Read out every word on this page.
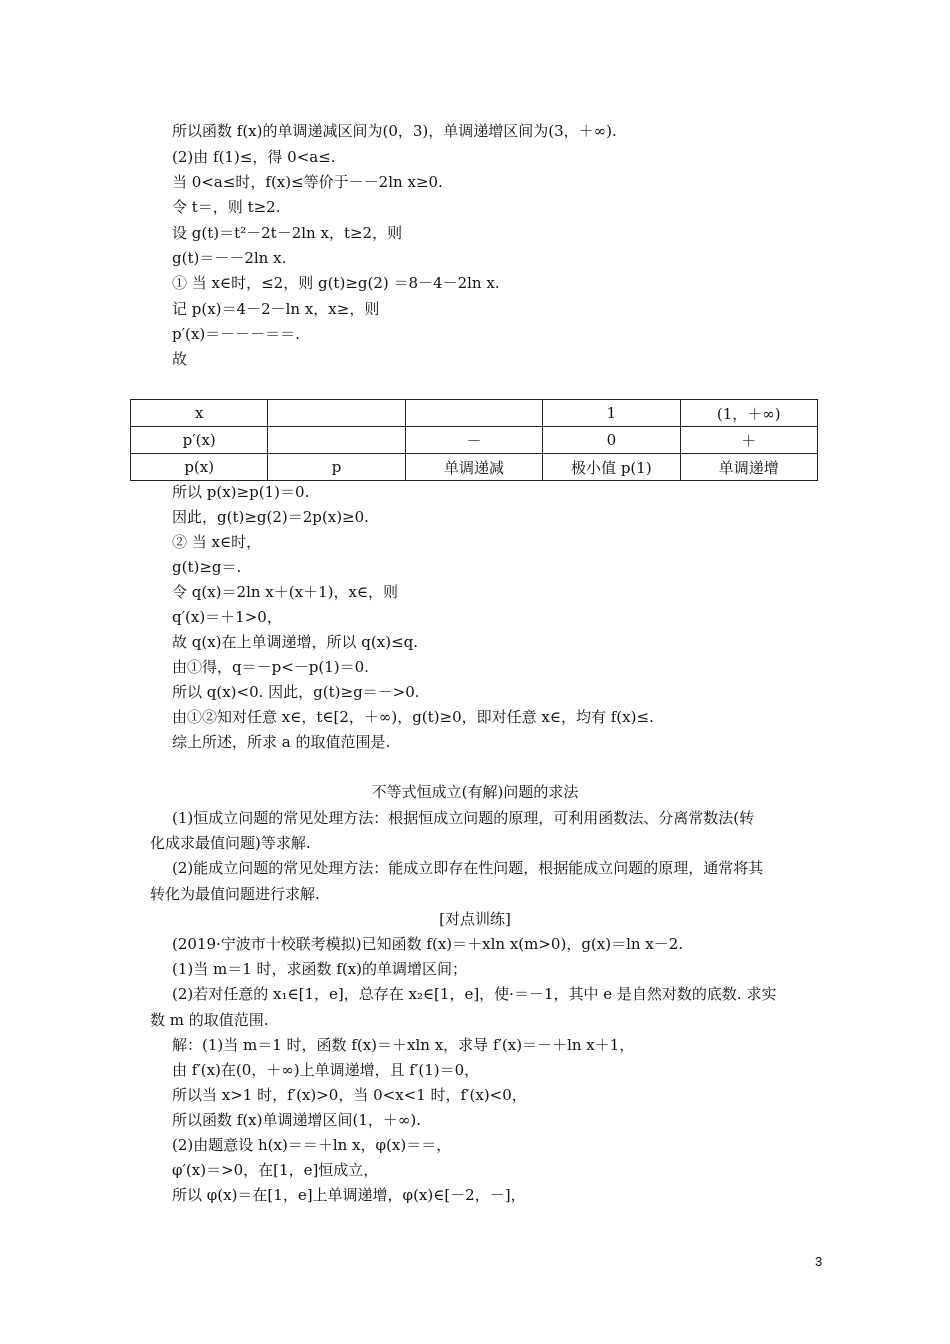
所以函数 f(x)的单调递减区间为(0，3)，单调递增区间为(3，＋∞).
(2)由 f(1)≤，得 0<a≤.
当 0<a≤时，f(x)≤等价于－－2ln x≥0.
令 t＝，则 t≥2.
设 g(t)＝t²－2t－2ln x，t≥2，则
g(t)＝－－2ln x.
① 当 x∈时，≤2，则 g(t)≥g(2) ＝8－4－2ln x.
记 p(x)＝4－2－ln x，x≥，则
p′(x)＝－－－＝＝.
故
x			1	(1，＋∞)
p′(x)		－	0	＋
p(x)	p	单调递减	极小值 p(1)	单调递增
所以 p(x)≥p(1)＝0.
因此，g(t)≥g(2)＝2p(x)≥0.
② 当 x∈时，
g(t)≥g＝.
令 q(x)＝2ln x＋(x＋1)，x∈，则
q′(x)＝＋1>0，
故 q(x)在上单调递增，所以 q(x)≤q.
由①得，q＝－p<－p(1)＝0.
所以 q(x)<0. 因此，g(t)≥g＝－>0.
由①②知对任意 x∈，t∈[2，＋∞)，g(t)≥0，即对任意 x∈，均有 f(x)≤.
综上所述，所求 a 的取值范围是.
不等式恒成立(有解)问题的求法
(1)恒成立问题的常见处理方法：根据恒成立问题的原理，可利用函数法、分离常数法(转
化成求最值问题)等求解.
(2)能成立问题的常见处理方法：能成立即存在性问题，根据能成立问题的原理，通常将其
转化为最值问题进行求解.
[对点训练]
(2019·宁波市十校联考模拟)已知函数 f(x)＝＋xln x(m>0)，g(x)＝ln x－2.
(1)当 m＝1 时，求函数 f(x)的单调增区间；
(2)若对任意的 x₁∈[1，e]，总存在 x₂∈[1，e]，使·＝－1，其中 e 是自然对数的底数. 求实
数 m 的取值范围.
解：(1)当 m＝1 时，函数 f(x)＝＋xln x，求导 f′(x)＝－＋ln x＋1，
由 f′(x)在(0，＋∞)上单调递增，且 f′(1)＝0，
所以当 x>1 时，f′(x)>0，当 0<x<1 时，f′(x)<0，
所以函数 f(x)单调递增区间(1，＋∞).
(2)由题意设 h(x)＝＝＋ln x，φ(x)＝＝，
φ′(x)＝>0，在[1，e]恒成立，
所以 φ(x)＝在[1，e]上单调递增，φ(x)∈[－2，－]，
3
